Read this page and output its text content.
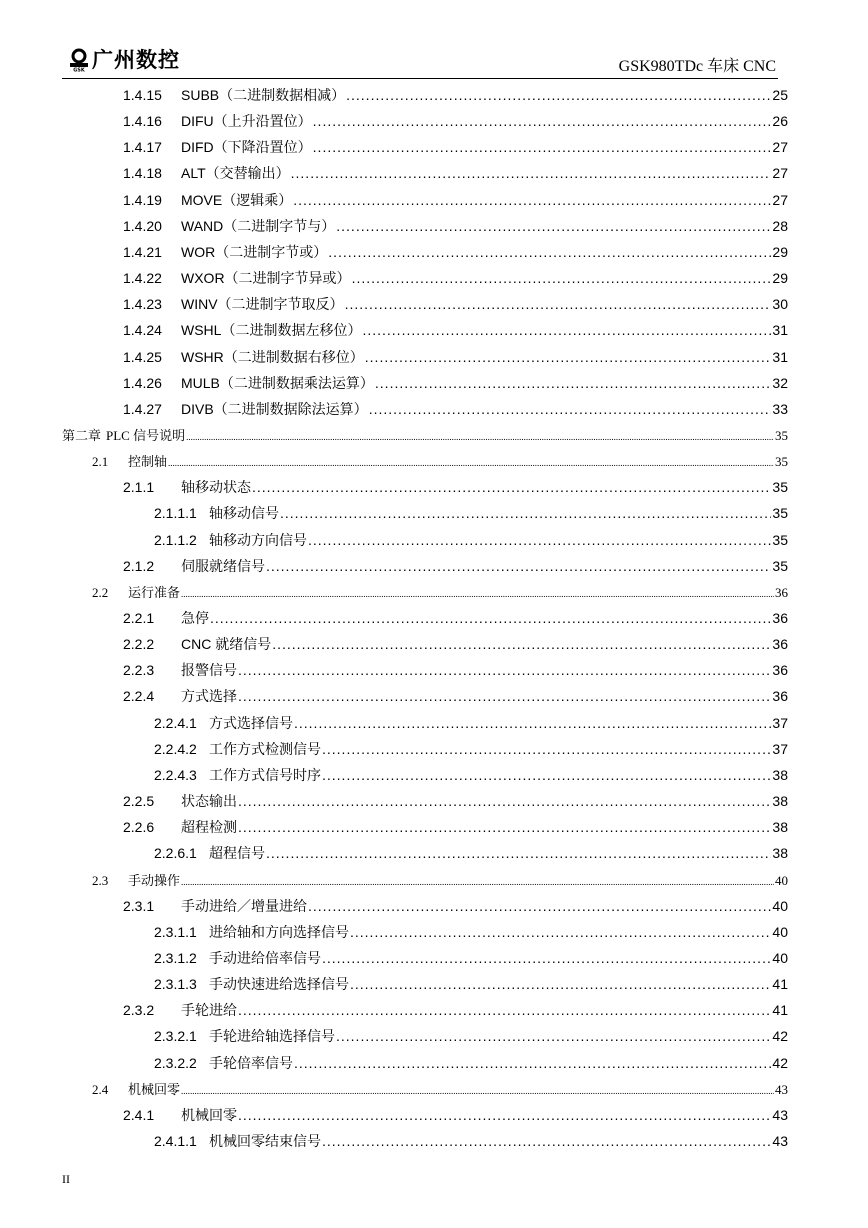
GSK 广州数控	GSK980TDc 车床 CNC
1.4.15	SUBB（二进制数据相减） .....	25
1.4.16	DIFU（上升沿置位） .....	26
1.4.17	DIFD（下降沿置位） .....	27
1.4.18	ALT（交替输出） .....	27
1.4.19	MOVE（逻辑乘） .....	27
1.4.20	WAND（二进制字节与） .....	28
1.4.21	WOR（二进制字节或） .....	29
1.4.22	WXOR（二进制字节异或） .....	29
1.4.23	WINV（二进制字节取反） .....	30
1.4.24	WSHL（二进制数据左移位） .....	31
1.4.25	WSHR（二进制数据右移位） .....	31
1.4.26	MULB（二进制数据乘法运算） .....	32
1.4.27	DIVB（二进制数据除法运算） .....	33
第二章 PLC 信号说明 .....	35
2.1	控制轴 .....	35
2.1.1	轴移动状态 .....	35
2.1.1.1 轴移动信号 .....	35
2.1.1.2 轴移动方向信号 .....	35
2.1.2	伺服就绪信号 .....	35
2.2	运行准备 .....	36
2.2.1	急停 .....	36
2.2.2	CNC 就绪信号 .....	36
2.2.3	报警信号 .....	36
2.2.4	方式选择 .....	36
2.2.4.1 方式选择信号 .....	37
2.2.4.2 工作方式检测信号 .....	37
2.2.4.3 工作方式信号时序 .....	38
2.2.5	状态输出 .....	38
2.2.6	超程检测 .....	38
2.2.6.1 超程信号 .....	38
2.3	手动操作 .....	40
2.3.1	手动进给／增量进给 .....	40
2.3.1.1 进给轴和方向选择信号 .....	40
2.3.1.2 手动进给倍率信号 .....	40
2.3.1.3 手动快速进给选择信号 .....	41
2.3.2	手轮进给 .....	41
2.3.2.1 手轮进给轴选择信号 .....	42
2.3.2.2 手轮倍率信号 .....	42
2.4	机械回零 .....	43
2.4.1	机械回零 .....	43
2.4.1.1 机械回零结束信号 .....	43
II
